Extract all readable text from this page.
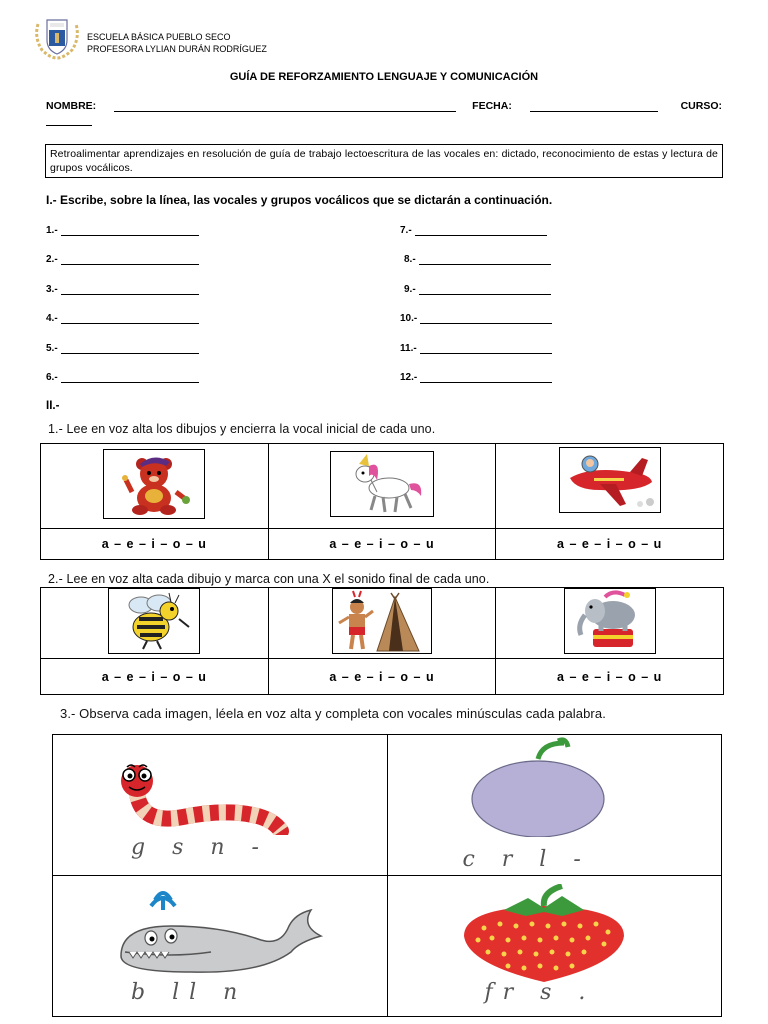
ESCUELA BÁSICA PUEBLO SECO
PROFESORA LYLIAN DURÁN RODRÍGUEZ
GUÍA DE REFORZAMIENTO LENGUAJE Y COMUNICACIÓN
NOMBRE:	FECHA:	CURSO:
Retroalimentar aprendizajes en resolución de guía de trabajo lectoescritura de las vocales en: dictado, reconocimiento de estas y lectura de grupos vocálicos.
I.- Escribe, sobre la línea, las vocales y grupos vocálicos que se dictarán a continuación.
1.-
2.-
3.-
4.-
5.-
6.-
7.-
8.-
9.-
10.-
11.-
12.-
II.-
1.- Lee en voz alta los dibujos y encierra la vocal inicial de cada uno.

a – e – i – o – u	a – e – i – o – u	a – e – i – o – u
2.- Lee en voz alta cada dibujo y marca con una X el sonido final de cada uno.

a – e – i – o – u	a – e – i – o – u	a – e – i – o – u
3.- Observa cada imagen, léela en voz alta y completa con vocales minúsculas cada palabra.
g s n -	c r l -

b ll n	fr s .
